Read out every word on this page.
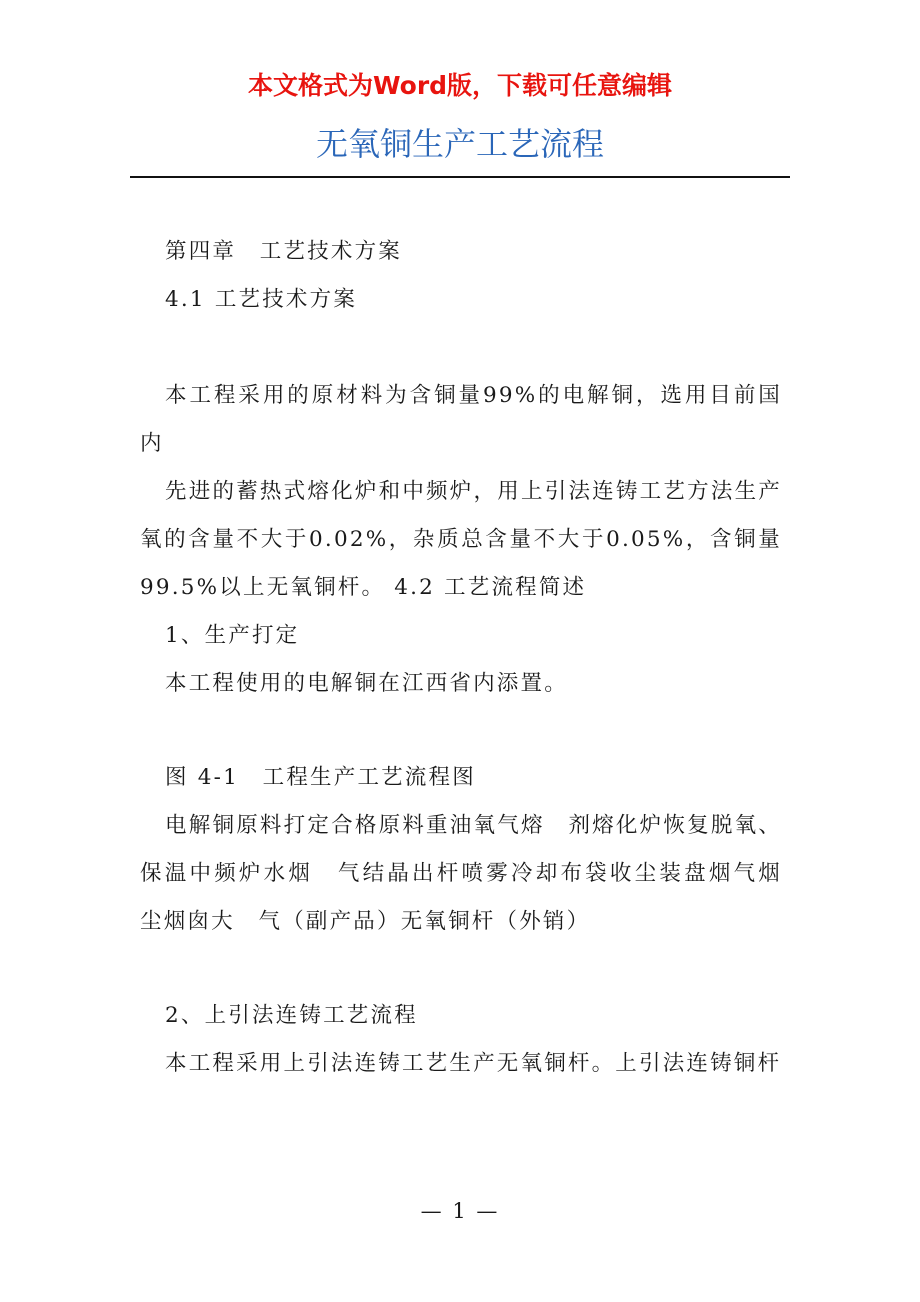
本文格式为Word版，下载可任意编辑
无氧铜生产工艺流程

第四章　工艺技术方案

4.1 工艺技术方案

本工程采用的原材料为含铜量99%的电解铜，选用目前国内

先进的蓄热式熔化炉和中频炉，用上引法连铸工艺方法生产氧的含量不大于0.02%，杂质总含量不大于0.05%，含铜量99.5%以上无氧铜杆。 4.2 工艺流程简述

1、生产打定

本工程使用的电解铜在江西省内添置。

图 4-1　工程生产工艺流程图

电解铜原料打定合格原料重油氧气熔　剂熔化炉恢复脱氧、保温中频炉水烟　气结晶出杆喷雾冷却布袋收尘装盘烟气烟　尘烟囱大　气（副产品）无氧铜杆（外销）

2、上引法连铸工艺流程

本工程采用上引法连铸工艺生产无氧铜杆。上引法连铸铜杆

— 1 —
